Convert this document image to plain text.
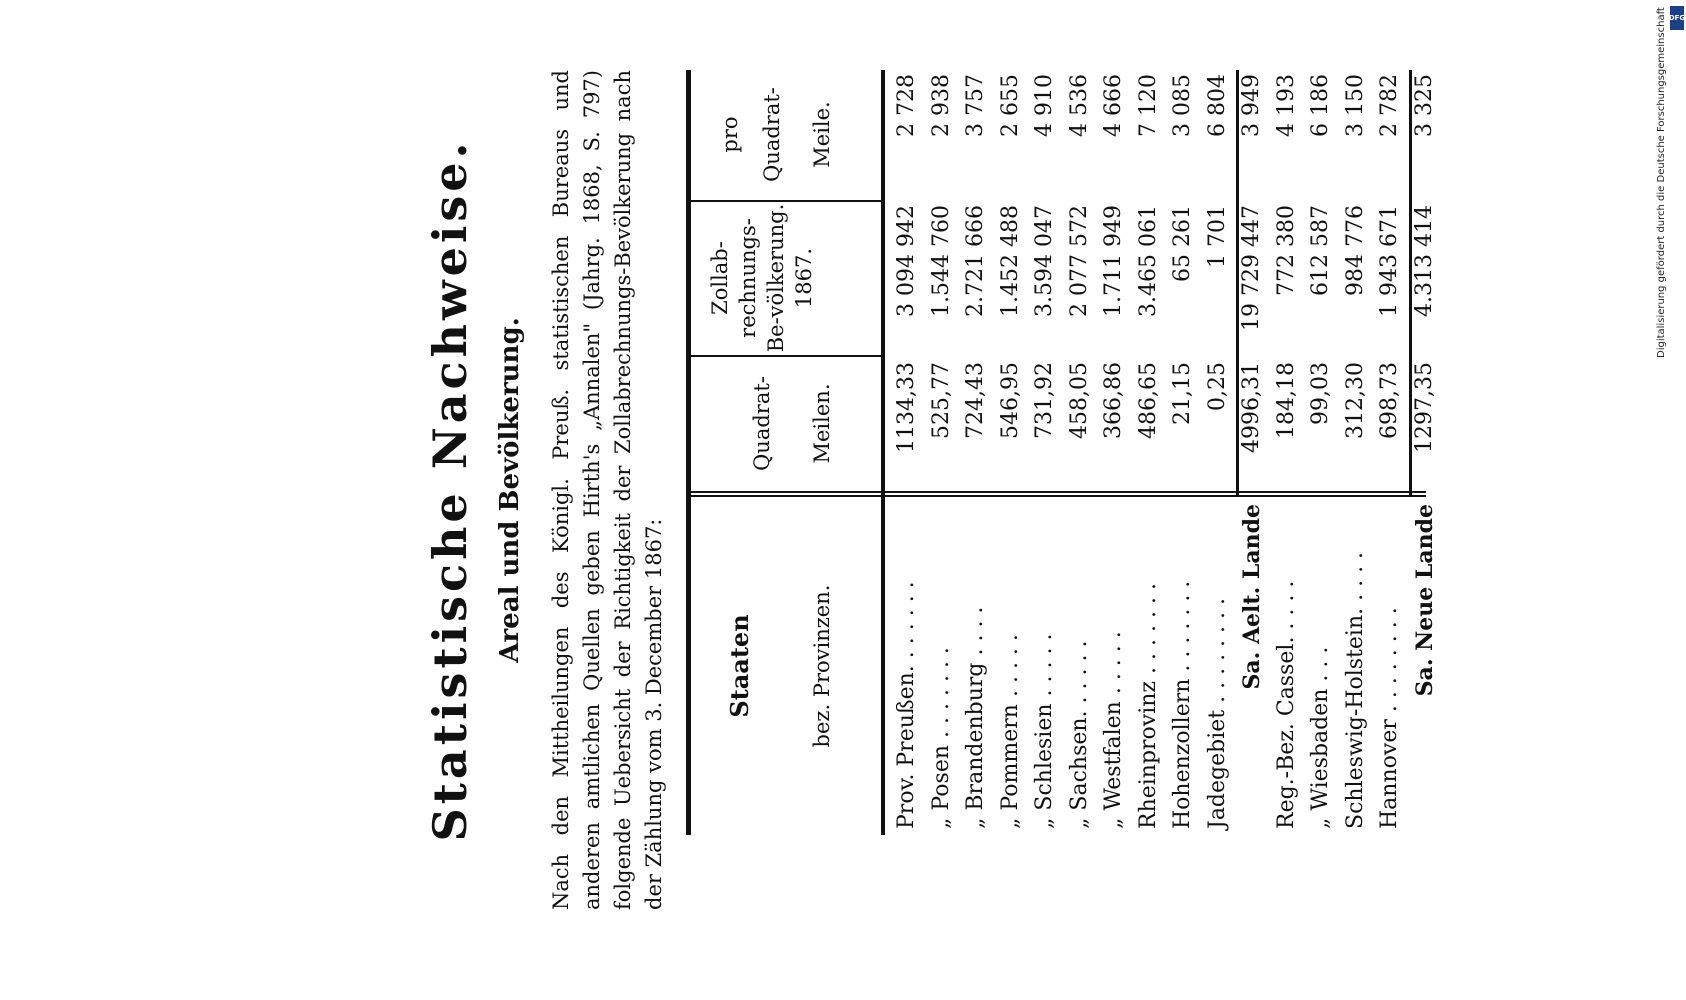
Statistische Nachweise. Areal und Bevölkerung. Nach den Mittheilungen des Königl. Preuß. statistischen Bureaus und anderen amtlichen Quellen geben Hirth's „Annalen" (Jahrg. 1868, S. 797) folgende Uebersicht der Richtigkeit der Zollabrechnungs-Bevölkerung nach der Zählung vom 3. December 1867: Staaten	bez. Provinzen.
Quadrat- Meilen.
Zollab-rechnungs-Be-völkerung. 1867.
pro Quadrat- Meile.
Prov. Preußen. . . . . . .
1134,33
3 094 942
2 728
„ Posen . . . . . . .
525,77
1.544 760
2 938
„ Brandenburg . . . .
724,43
2.721 666
3 757
„ Pommern . . . . .
546,95
1.452 488
2 655
„ Schlesien . . . . .
731,92
3.594 047
4 910
„ Sachsen. . . . . .
458,05
2 077 572
4 536
„ Westfalen . . . . .
366,86
1.711 949
4 666
Rheinprovinz . . . . . . .
486,65
3.465 061
7 120
Hohenzollern . . . . . . .
21,15
65 261
3 085
Jadegebiet . . . . . . . .
0,25
1 701
6 804
Sa. Aelt. Lande
4996,31
19 729 447
3 949
Reg.-Bez. Cassel. . . . .
184,18
772 380
4 193
„ Wiesbaden . . .
99,03
612 587
6 186
Schleswig-Holstein. . . . .
312,30
984 776
3 150
Hannover . . . . . . . .
698,73
1 943 671
2 782
Sa. Neue Lande
1297,35
4.313 414
3 325	Digitalisierung gefördert durch die Deutsche Forschungsgemeinschaft DFG
